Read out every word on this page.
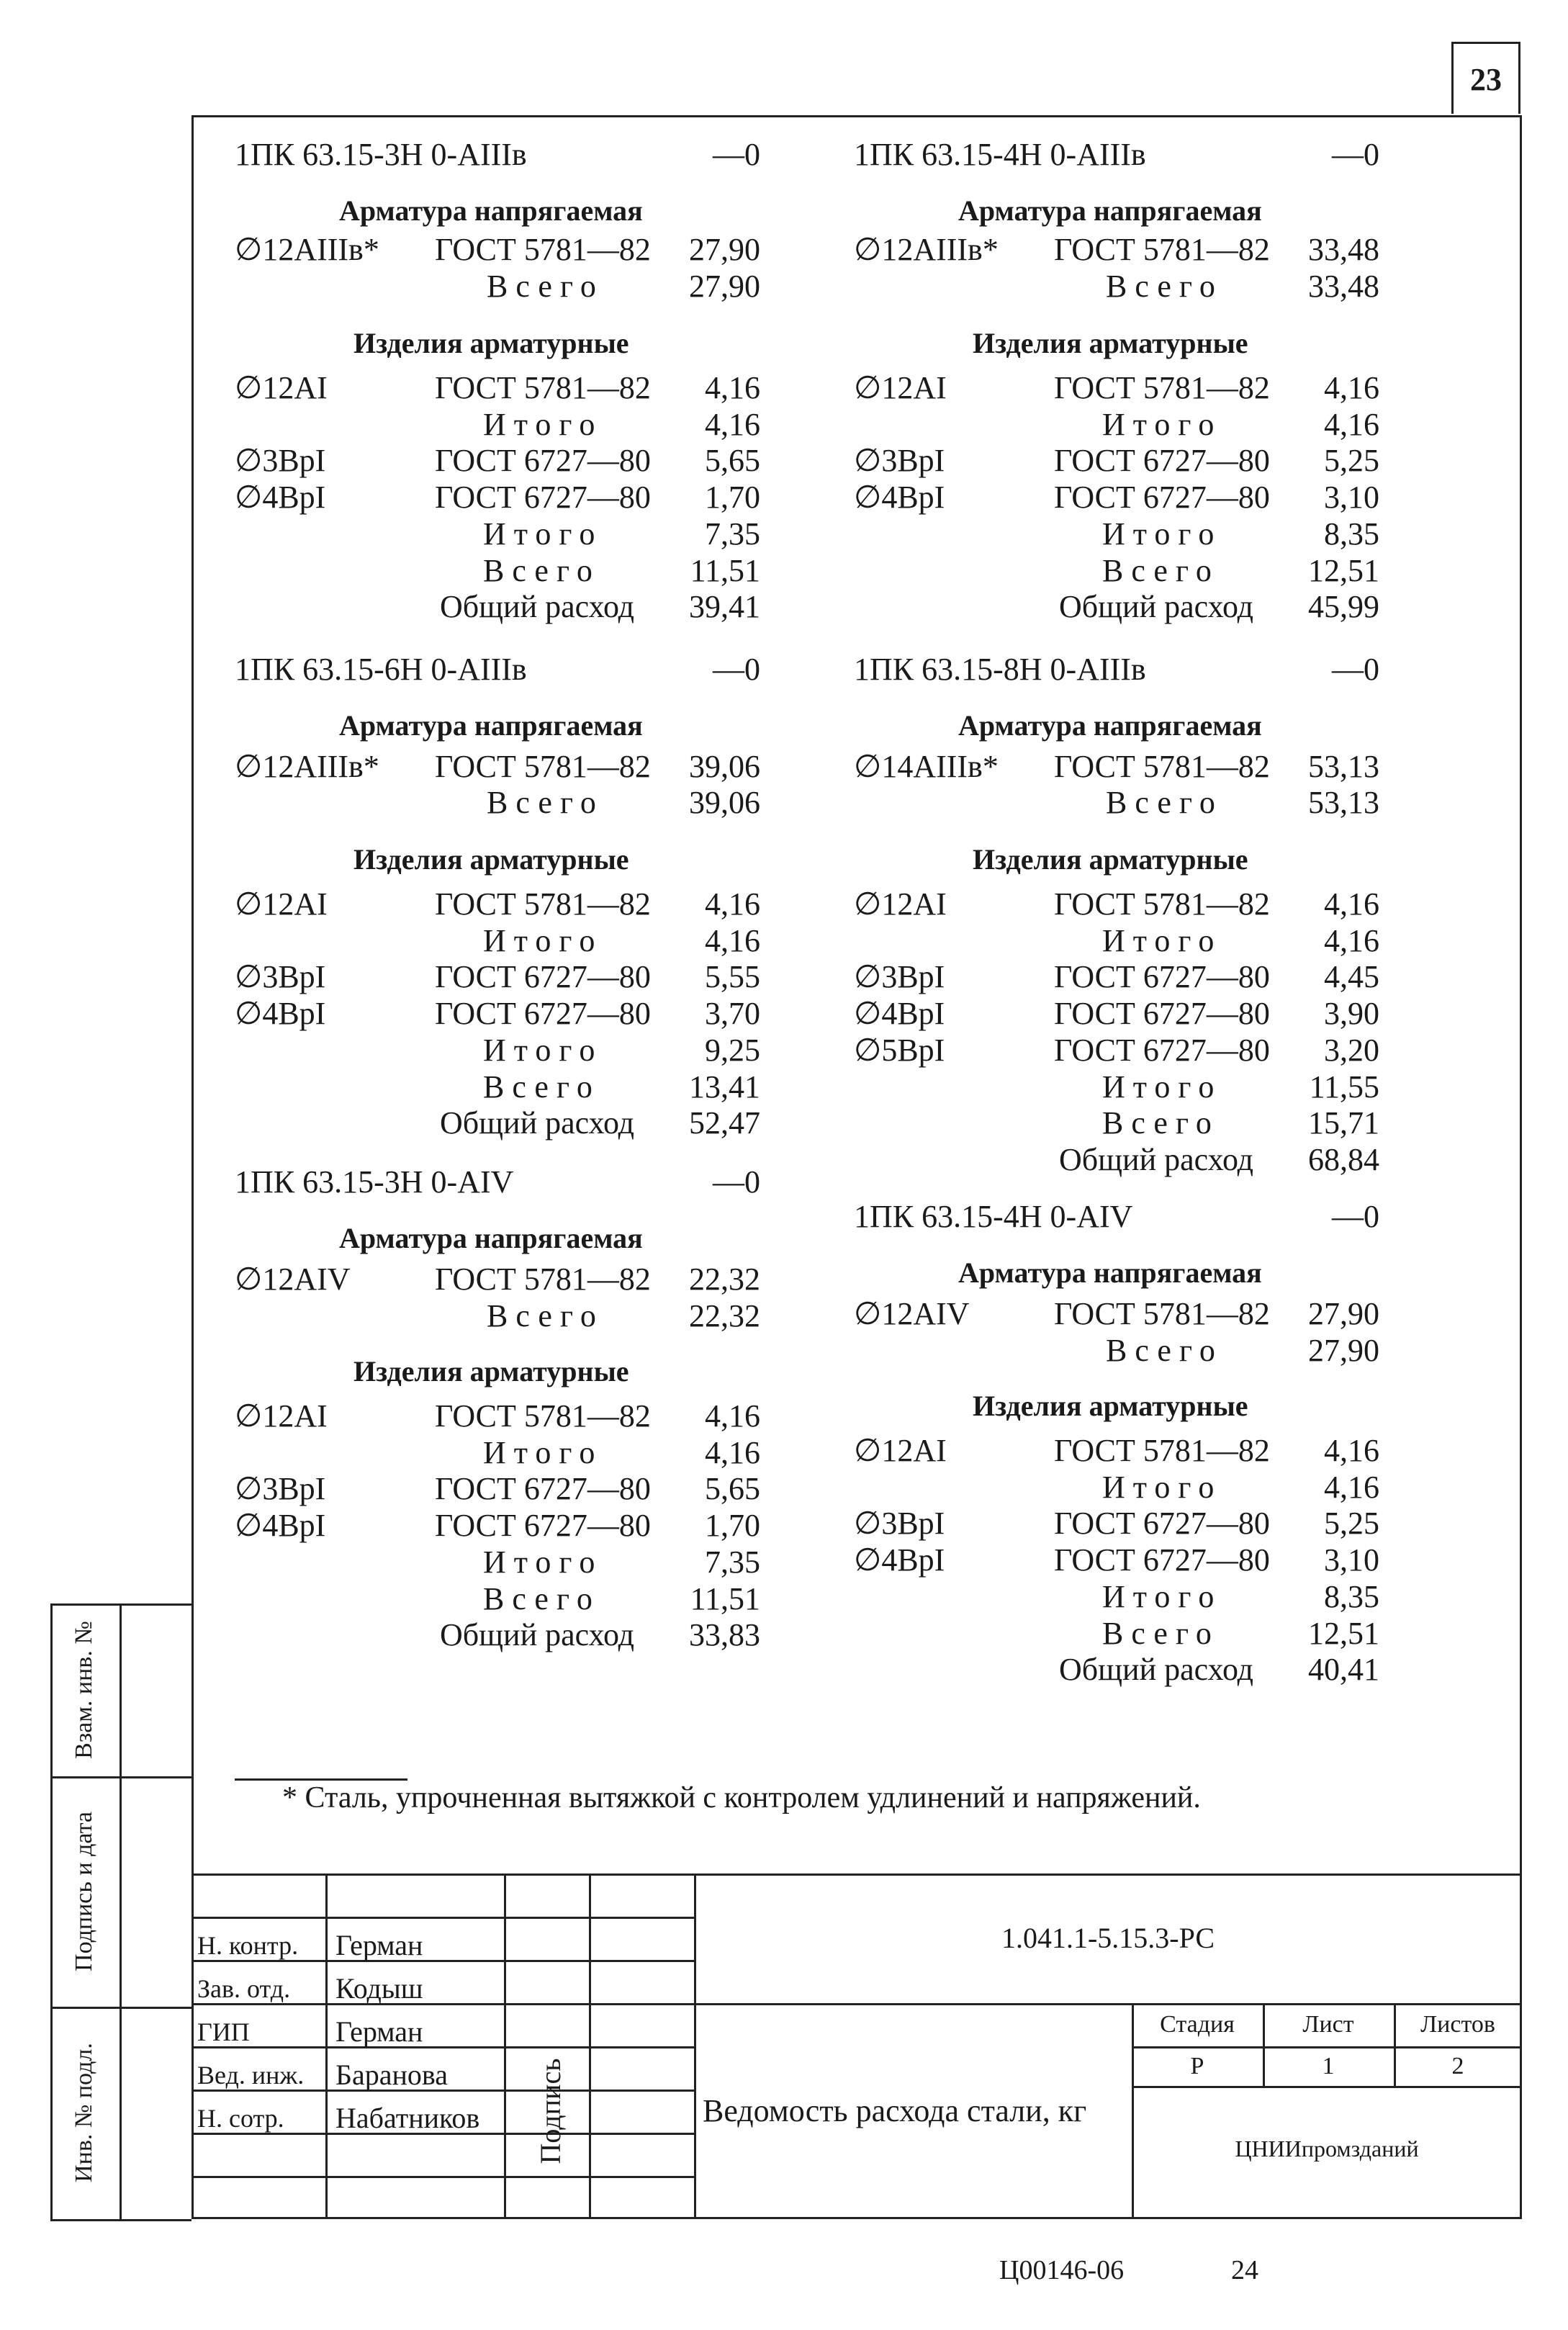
23
1ПК 63.15-3Н 0-АIIIв	—0
Арматура напрягаемая
∅12АIIIв* ГОСТ 5781—82	27,90
Всего	27,90
Изделия арматурные
∅12АI	ГОСТ 5781—82	4,16
Итого	4,16
∅3ВрI	ГОСТ 6727—80	5,65
∅4ВрI	ГОСТ 6727—80	1,70
Итого	7,35
Всего	11,51
Общий расход	39,41
1ПК 63.15-4Н 0-АIIIв	—0
Арматура напрягаемая
∅12АIIIв* ГОСТ 5781—82	33,48
Всего	33,48
Изделия арматурные
∅12АI	ГОСТ 5781—82	4,16
Итого	4,16
∅3ВрI	ГОСТ 6727—80	5,25
∅4ВрI	ГОСТ 6727—80	3,10
Итого	8,35
Всего	12,51
Общий расход	45,99
1ПК 63.15-6Н 0-АIIIв	—0
Арматура напрягаемая
∅12АIIIв* ГОСТ 5781—82	39,06
Всего	39,06
Изделия арматурные
∅12АI	ГОСТ 5781—82	4,16
Итого	4,16
∅3ВрI	ГОСТ 6727—80	5,55
∅4ВрI	ГОСТ 6727—80	3,70
Итого	9,25
Всего	13,41
Общий расход	52,47
1ПК 63.15-8Н 0-АIIIв	—0
Арматура напрягаемая
∅14АIIIв* ГОСТ 5781—82	53,13
Всего	53,13
Изделия арматурные
∅12АI	ГОСТ 5781—82	4,16
Итого	4,16
∅3ВрI	ГОСТ 6727—80	4,45
∅4ВрI	ГОСТ 6727—80	3,90
∅5ВрI	ГОСТ 6727—80	3,20
Итого	11,55
Всего	15,71
Общий расход	68,84
1ПК 63.15-3Н 0-АIV	—0
Арматура напрягаемая
∅12АIV	ГОСТ 5781—82	22,32
Всего	22,32
Изделия арматурные
∅12АI	ГОСТ 5781—82	4,16
Итого	4,16
∅3ВрI	ГОСТ 6727—80	5,65
∅4ВрI	ГОСТ 6727—80	1,70
Итого	7,35
Всего	11,51
Общий расход	33,83
1ПК 63.15-4Н 0-АIV	—0
Арматура напрягаемая
∅12АIV	ГОСТ 5781—82	27,90
Всего	27,90
Изделия арматурные
∅12АI	ГОСТ 5781—82	4,16
Итого	4,16
∅3ВрI	ГОСТ 6727—80	5,25
∅4ВрI	ГОСТ 6727—80	3,10
Итого	8,35
Всего	12,51
Общий расход	40,41
* Сталь, упрочненная вытяжкой с контролем удлинений и напряжений.
Взам. инв. №
Подпись и дата
Инв. № подл.
1.041.1-5.15.3-РС
Н. контр. Герман
Зав. отд. Кодыш
ГИП	Герман
Вед. инж. Баранова
Н. сотр. Набатников Подпись	Ведомость расхода стали, кг
Стадия	Лист	Листов
Р	1	2
ЦНИИпромзданий
Ц00146-06	24
